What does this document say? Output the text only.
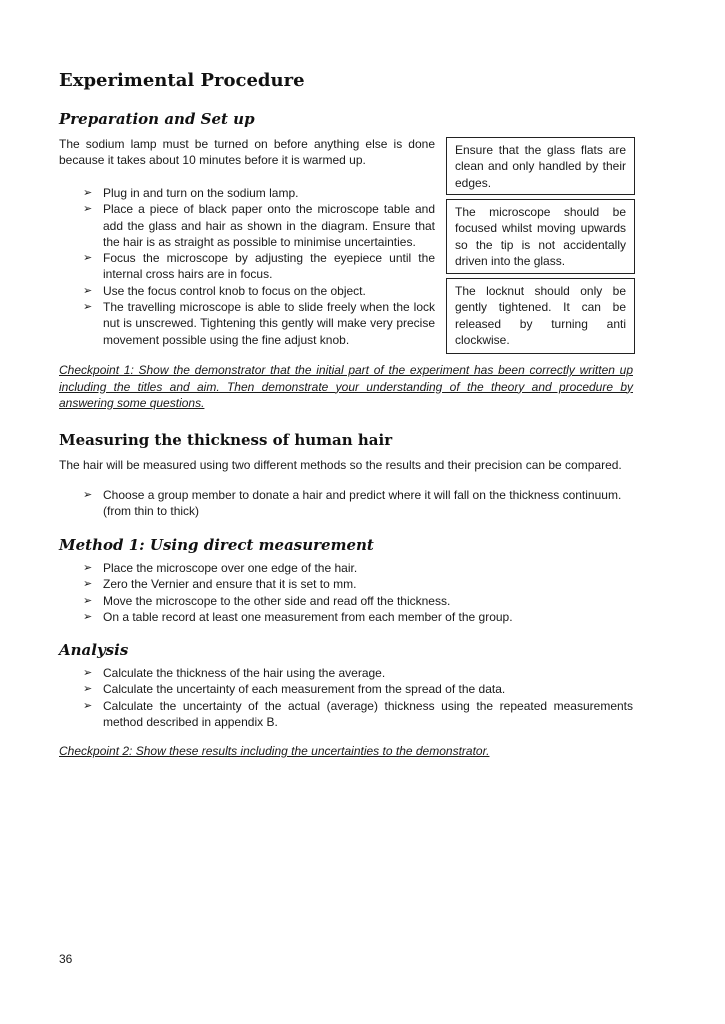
Experimental Procedure
Preparation and Set up

The sodium lamp must be turned on before anything else is done because it takes about 10 minutes before it is warmed up.

➢ Plug in and turn on the sodium lamp.
➢ Place a piece of black paper onto the microscope table and add the glass and hair as shown in the diagram. Ensure that the hair is as straight as possible to minimise uncertainties.
➢ Focus the microscope by adjusting the eyepiece until the internal cross hairs are in focus.
➢ Use the focus control knob to focus on the object.
➢ The travelling microscope is able to slide freely when the lock nut is unscrewed. Tightening this gently will make very precise movement possible using the fine adjust knob.
Ensure that the glass flats are clean and only handled by their edges.
The microscope should be focused whilst moving upwards so the tip is not accidentally driven into the glass.
The locknut should only be gently tightened. It can be released by turning anti clockwise.

Checkpoint 1: Show the demonstrator that the initial part of the experiment has been correctly written up including the titles and aim. Then demonstrate your understanding of the theory and procedure by answering some questions.

Measuring the thickness of human hair

The hair will be measured using two different methods so the results and their precision can be compared.

➢ Choose a group member to donate a hair and predict where it will fall on the thickness continuum. (from thin to thick)
Method 1: Using direct measurement
➢ Place the microscope over one edge of the hair.
➢ Zero the Vernier and ensure that it is set to mm.
➢ Move the microscope to the other side and read off the thickness.
➢ On a table record at least one measurement from each member of the group.
Analysis
➢ Calculate the thickness of the hair using the average.
➢ Calculate the uncertainty of each measurement from the spread of the data.
➢ Calculate the uncertainty of the actual (average) thickness using the repeated measurements method described in appendix B.

Checkpoint 2: Show these results including the uncertainties to the demonstrator.

36
